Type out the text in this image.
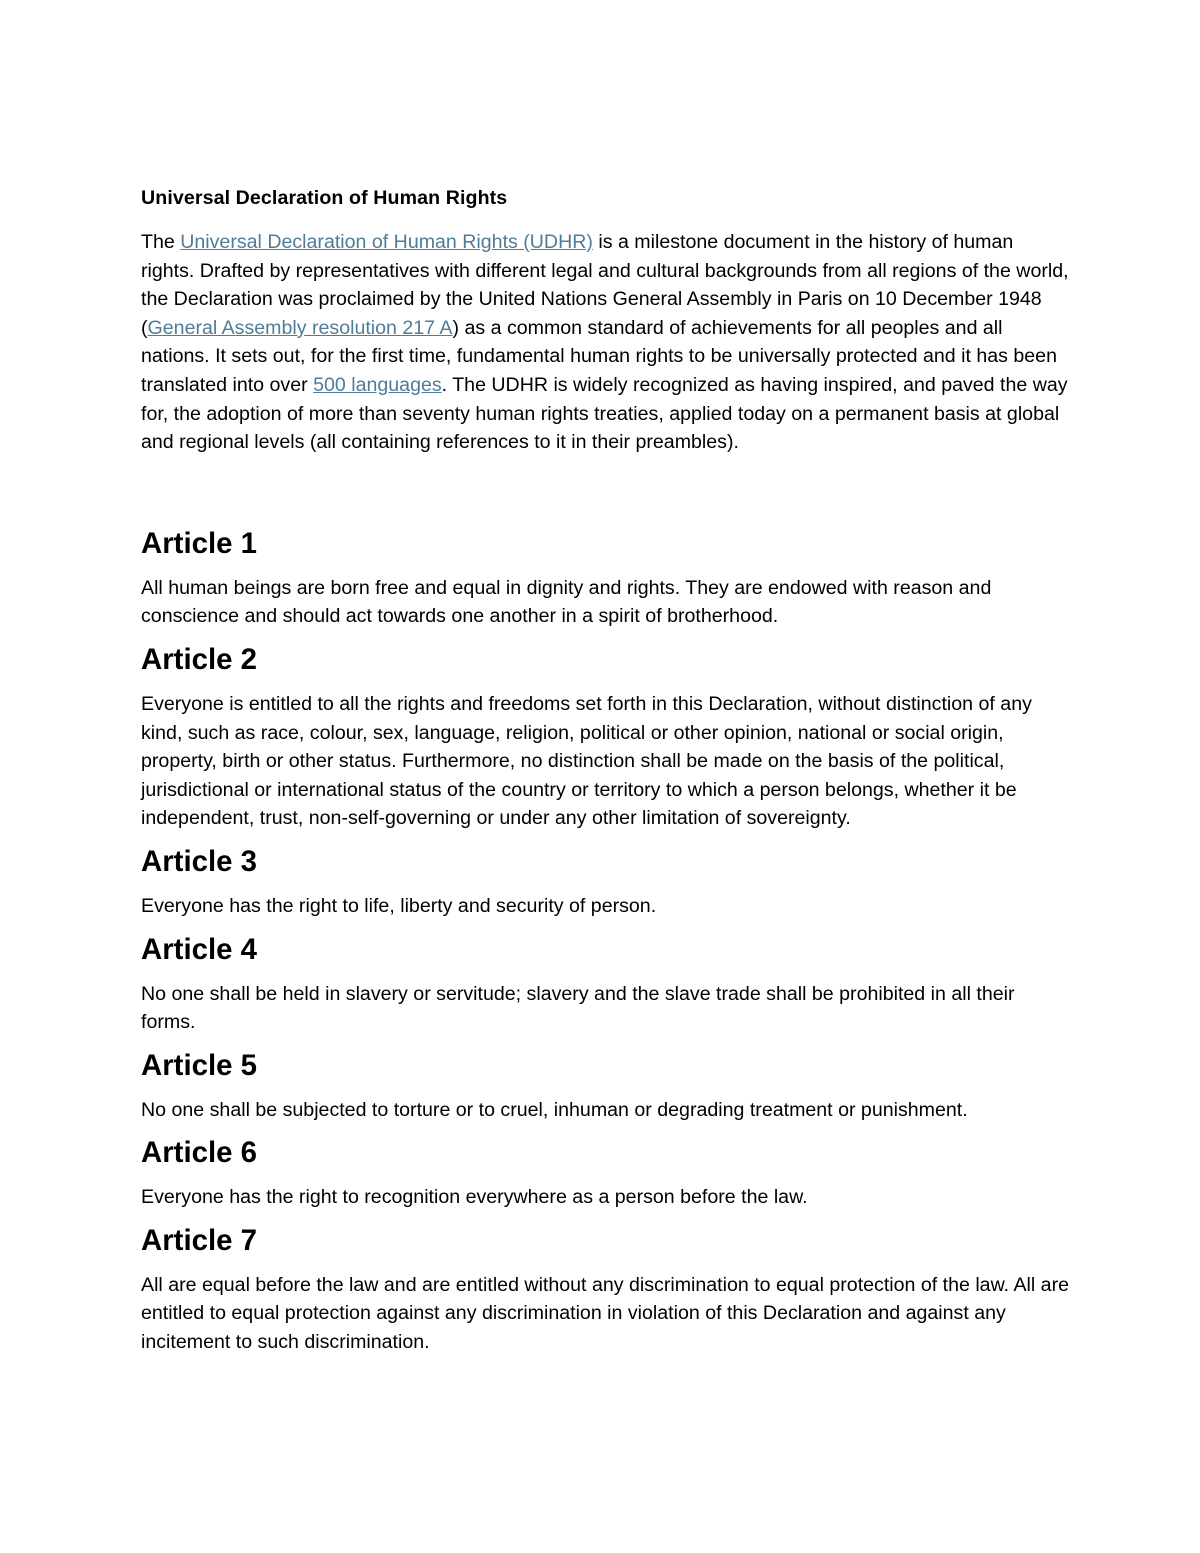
Universal Declaration of Human Rights

The Universal Declaration of Human Rights (UDHR) is a milestone document in the history of human rights. Drafted by representatives with different legal and cultural backgrounds from all regions of the world, the Declaration was proclaimed by the United Nations General Assembly in Paris on 10 December 1948 (General Assembly resolution 217 A) as a common standard of achievements for all peoples and all nations. It sets out, for the first time, fundamental human rights to be universally protected and it has been translated into over 500 languages. The UDHR is widely recognized as having inspired, and paved the way for, the adoption of more than seventy human rights treaties, applied today on a permanent basis at global and regional levels (all containing references to it in their preambles).

Article 1

All human beings are born free and equal in dignity and rights. They are endowed with reason and conscience and should act towards one another in a spirit of brotherhood.

Article 2

Everyone is entitled to all the rights and freedoms set forth in this Declaration, without distinction of any kind, such as race, colour, sex, language, religion, political or other opinion, national or social origin, property, birth or other status. Furthermore, no distinction shall be made on the basis of the political, jurisdictional or international status of the country or territory to which a person belongs, whether it be independent, trust, non-self-governing or under any other limitation of sovereignty.

Article 3

Everyone has the right to life, liberty and security of person.

Article 4

No one shall be held in slavery or servitude; slavery and the slave trade shall be prohibited in all their forms.

Article 5

No one shall be subjected to torture or to cruel, inhuman or degrading treatment or punishment.

Article 6

Everyone has the right to recognition everywhere as a person before the law.

Article 7

All are equal before the law and are entitled without any discrimination to equal protection of the law. All are entitled to equal protection against any discrimination in violation of this Declaration and against any incitement to such discrimination.
